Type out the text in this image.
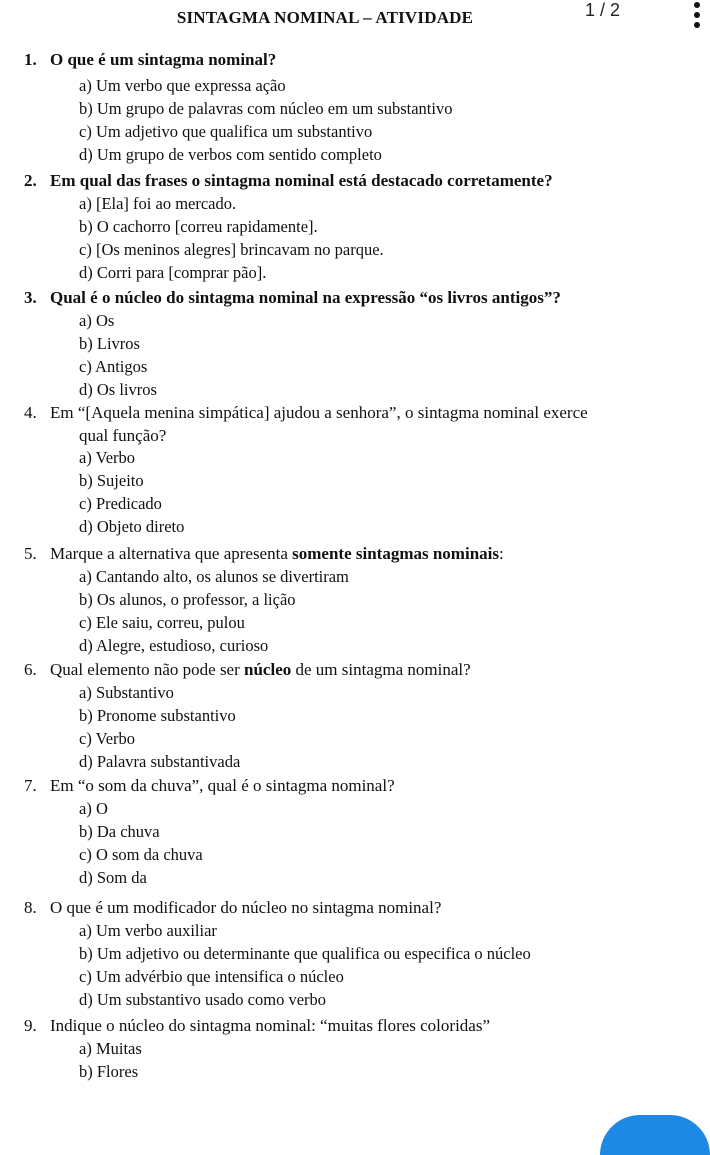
SINTAGMA NOMINAL – ATIVIDADE	1 / 2
1. O que é um sintagma nominal?
a) Um verbo que expressa ação
b) Um grupo de palavras com núcleo em um substantivo
c) Um adjetivo que qualifica um substantivo
d) Um grupo de verbos com sentido completo
2. Em qual das frases o sintagma nominal está destacado corretamente?
a) [Ela] foi ao mercado.
b) O cachorro [correu rapidamente].
c) [Os meninos alegres] brincavam no parque.
d) Corri para [comprar pão].
3. Qual é o núcleo do sintagma nominal na expressão “os livros antigos”?
a) Os
b) Livros
c) Antigos
d) Os livros
4. Em “[Aquela menina simpática] ajudou a senhora”, o sintagma nominal exerce
qual função?
a) Verbo
b) Sujeito
c) Predicado
d) Objeto direto
5. Marque a alternativa que apresenta somente sintagmas nominais:
a) Cantando alto, os alunos se divertiram
b) Os alunos, o professor, a lição
c) Ele saiu, correu, pulou
d) Alegre, estudioso, curioso
6. Qual elemento não pode ser núcleo de um sintagma nominal?
a) Substantivo
b) Pronome substantivo
c) Verbo
d) Palavra substantivada
7. Em “o som da chuva”, qual é o sintagma nominal?
a) O
b) Da chuva
c) O som da chuva
d) Som da
8. O que é um modificador do núcleo no sintagma nominal?
a) Um verbo auxiliar
b) Um adjetivo ou determinante que qualifica ou especifica o núcleo
c) Um advérbio que intensifica o núcleo
d) Um substantivo usado como verbo
9. Indique o núcleo do sintagma nominal: “muitas flores coloridas”
a) Muitas
b) Flores
